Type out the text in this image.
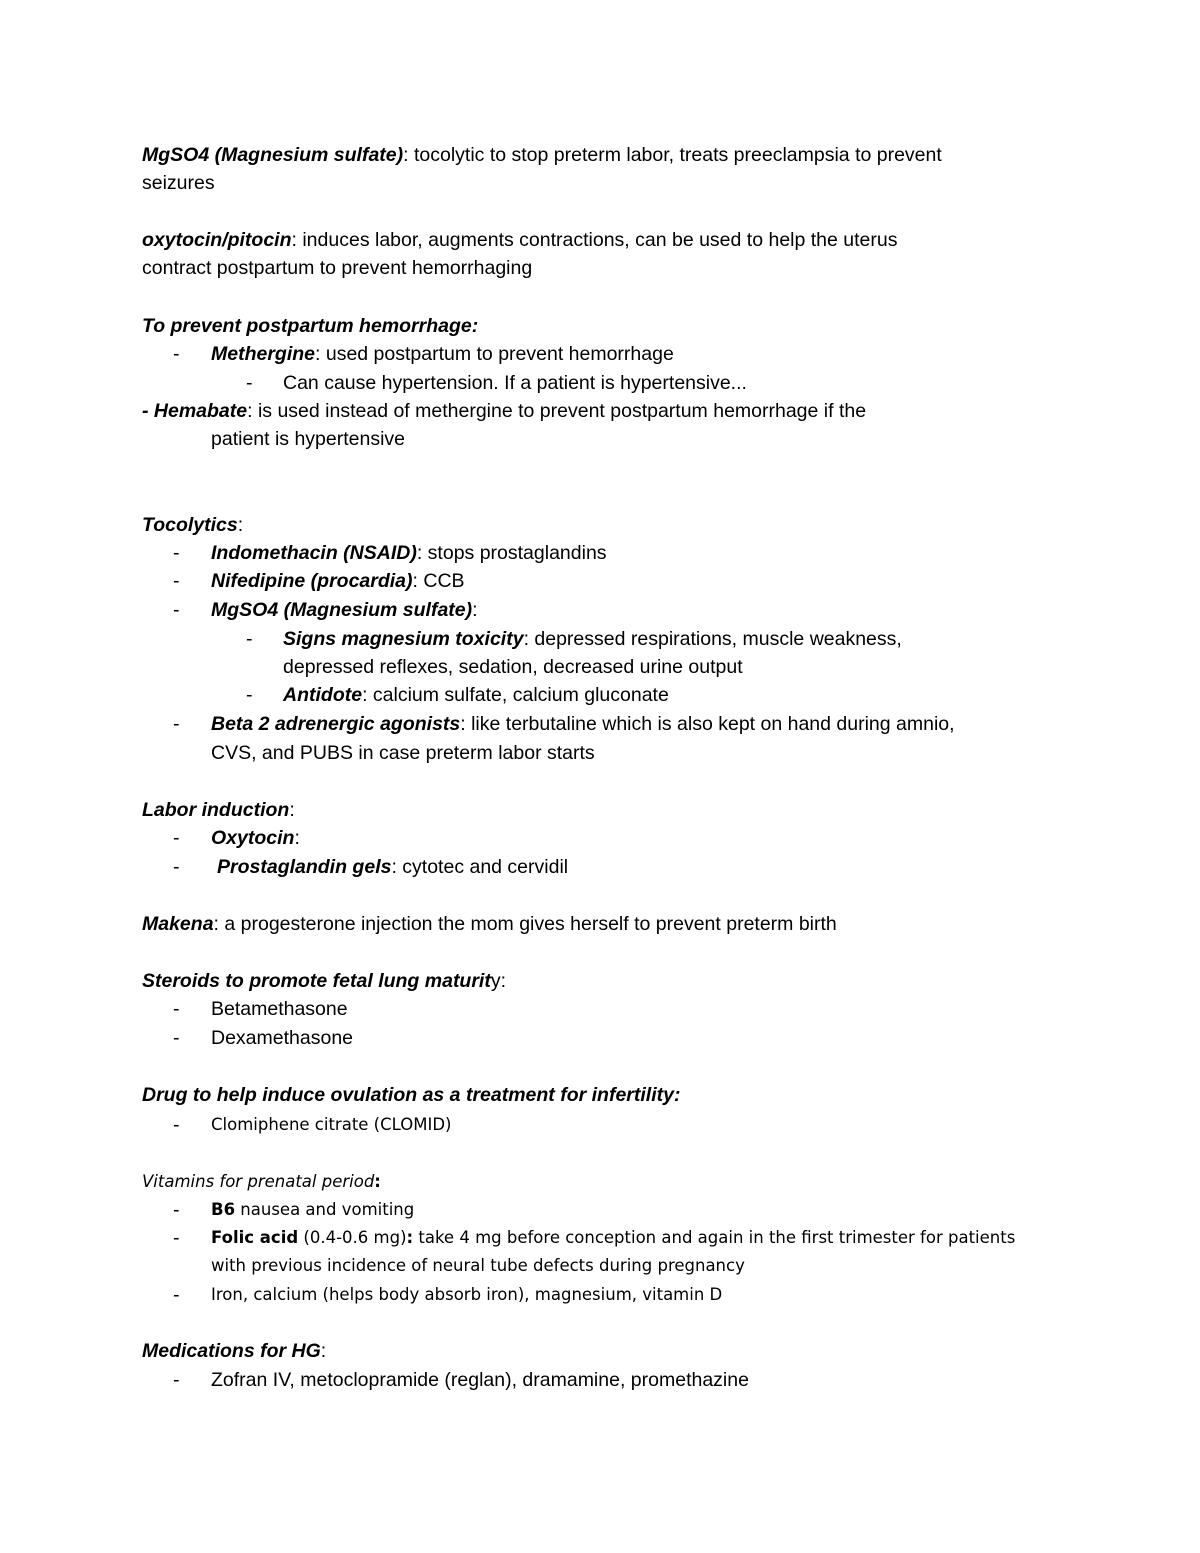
MgSO4 (Magnesium sulfate): tocolytic to stop preterm labor, treats preeclampsia to prevent
seizures
oxytocin/pitocin: induces labor, augments contractions, can be used to help the uterus
contract postpartum to prevent hemorrhaging
To prevent postpartum hemorrhage:
- Methergine: used postpartum to prevent hemorrhage
- Can cause hypertension. If a patient is hypertensive...
- Hemabate: is used instead of methergine to prevent postpartum hemorrhage if the
patient is hypertensive
Tocolytics:
- Indomethacin (NSAID): stops prostaglandins
- Nifedipine (procardia): CCB
- MgSO4 (Magnesium sulfate):
- Signs magnesium toxicity: depressed respirations, muscle weakness,
depressed reflexes, sedation, decreased urine output
- Antidote: calcium sulfate, calcium gluconate
- Beta 2 adrenergic agonists: like terbutaline which is also kept on hand during amnio,
CVS, and PUBS in case preterm labor starts
Labor induction:
- Oxytocin:
- Prostaglandin gels: cytotec and cervidil
Makena: a progesterone injection the mom gives herself to prevent preterm birth
Steroids to promote fetal lung maturity:
- Betamethasone
- Dexamethasone
Drug to help induce ovulation as a treatment for infertility:
- Clomiphene citrate (CLOMID)
Vitamins for prenatal period:
- B6 nausea and vomiting
- Folic acid (0.4-0.6 mg): take 4 mg before conception and again in the first trimester for patients
with previous incidence of neural tube defects during pregnancy
- Iron, calcium (helps body absorb iron), magnesium, vitamin D
Medications for HG:
- Zofran IV, metoclopramide (reglan), dramamine, promethazine
